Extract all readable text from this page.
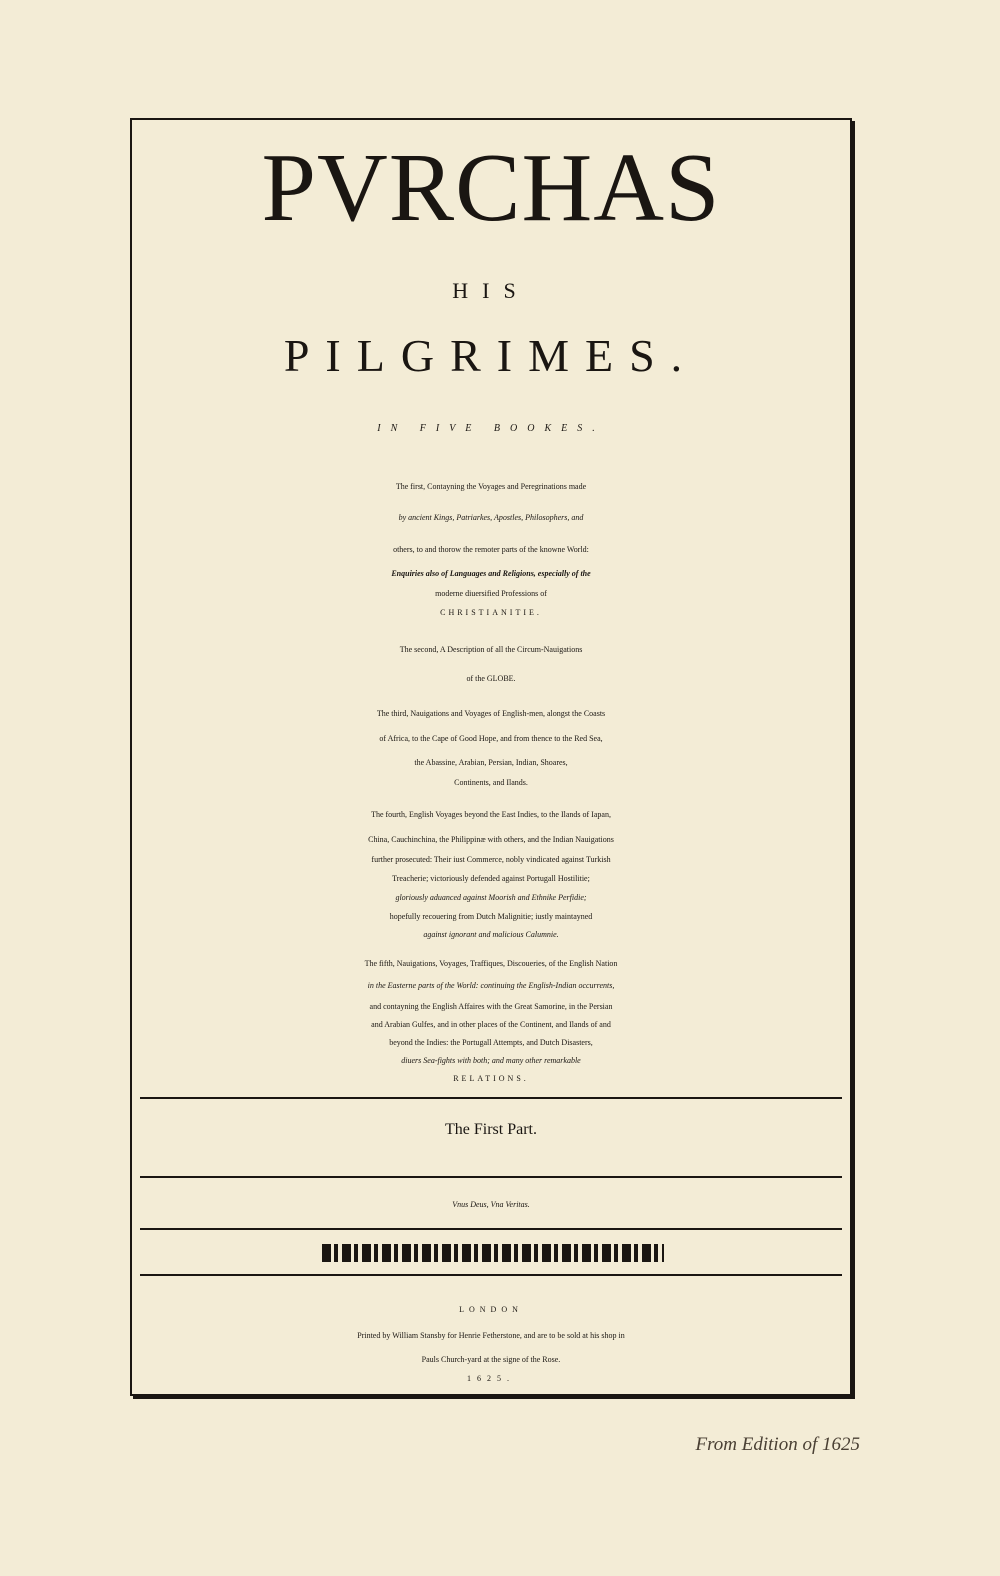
PVRCHAS
HIS
PILGRIMES.
IN FIVE BOOKES.
The first, Contayning the Voyages and Peregrinations made
by ancient Kings, Patriarkes, Apostles, Philosophers, and
others, to and thorow the remoter parts of the knowne World:
Enquiries also of Languages and Religions, especially of the
moderne diuersified Professions of
CHRISTIANITIE.
The second, A Description of all the Circum-Nauigations
of the GLOBE.
The third, Nauigations and Voyages of English-men, alongst the Coasts
of Africa, to the Cape of Good Hope, and from thence to the Red Sea,
the Abassine, Arabian, Persian, Indian, Shoares,
Continents, and Ilands.
The fourth, English Voyages beyond the East Indies, to the Ilands of Iapan,
China, Cauchinchina, the Philippinæ with others, and the Indian Nauigations
further prosecuted: Their iust Commerce, nobly vindicated against Turkish
Treacherie; victoriously defended against Portugall Hostilitie;
gloriously aduanced against Moorish and Ethnike Perfidie;
hopefully recouering from Dutch Malignitie; iustly maintayned
against ignorant and malicious Calumnie.
The fifth, Nauigations, Voyages, Traffiques, Discoueries, of the English Nation
in the Easterne parts of the World: continuing the English-Indian occurrents,
and contayning the English Affaires with the Great Samorine, in the Persian
and Arabian Gulfes, and in other places of the Continent, and Ilands of and
beyond the Indies: the Portugall Attempts, and Dutch Disasters,
diuers Sea-fights with both; and many other remarkable
RELATIONS.
The First Part.
Vnus Deus, Vna Veritas.
LONDON
Printed by William Stansby for Henrie Fetherstone, and are to be sold at his shop in
Pauls Church-yard at the signe of the Rose.
1625.
From Edition of 1625
